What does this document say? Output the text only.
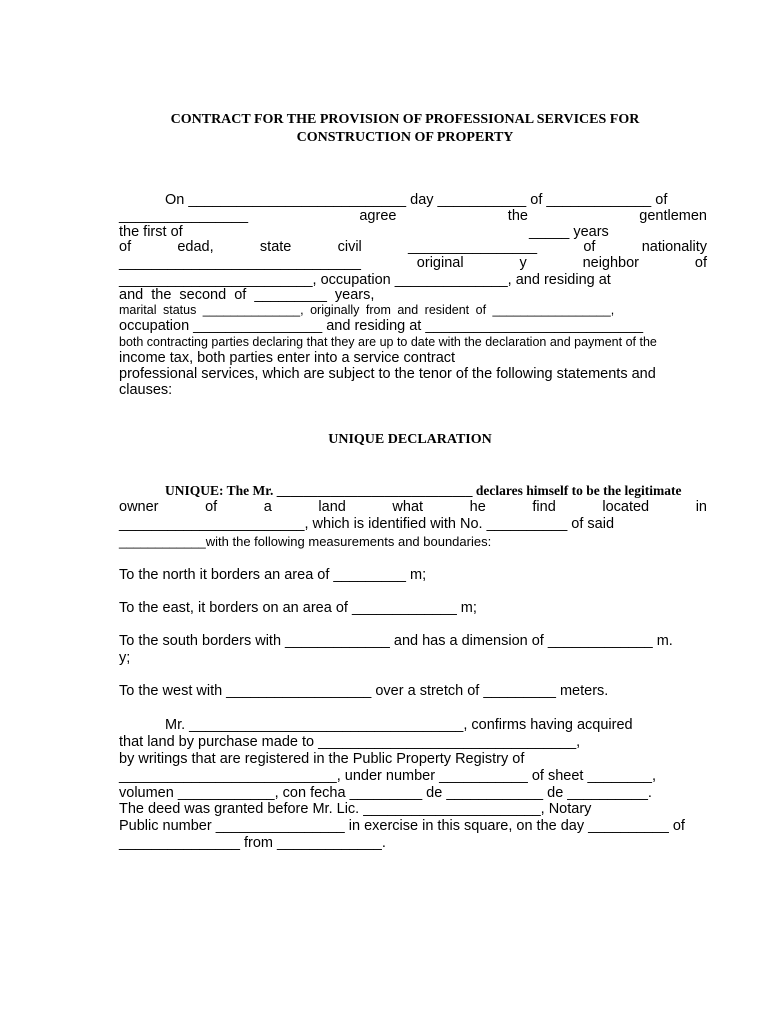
CONTRACT FOR THE PROVISION OF PROFESSIONAL SERVICES FOR
CONSTRUCTION OF PROPERTY
On ___________________________ day ___________ of _____________ of
________________ agree the gentlemen
the first of	_____ years
of edad, state civil ________________ of nationality
______________________________ original y neighbor of
________________________, occupation ______________, and residing at
and the second of _________ years,
marital status ______________, originally from and resident of _________________,
occupation ________________ and residing at ___________________________
both contracting parties declaring that they are up to date with the declaration and payment of the
income tax, both parties enter into a service contract
professional services, which are subject to the tenor of the following statements and
clauses:
UNIQUE DECLARATION
UNIQUE: The Mr. _____________________________ declares himself to be the legitimate
owner of a land what he find located in
_______________________, which is identified with No. __________ of said
____________with the following measurements and boundaries:
To the north it borders an area of _________ m;
To the east, it borders on an area of _____________ m;
To the south borders with _____________ and has a dimension of _____________ m.
y;
To the west with __________________ over a stretch of _________ meters.
Mr. __________________________________, confirms having acquired
that land by purchase made to ________________________________,
by writings that are registered in the Public Property Registry of
___________________________, under number ___________ of sheet ________,
volumen ____________, con fecha _________ de ____________ de __________.
The deed was granted before Mr. Lic. ______________________, Notary
Public number ________________ in exercise in this square, on the day __________ of
_______________ from _____________.
